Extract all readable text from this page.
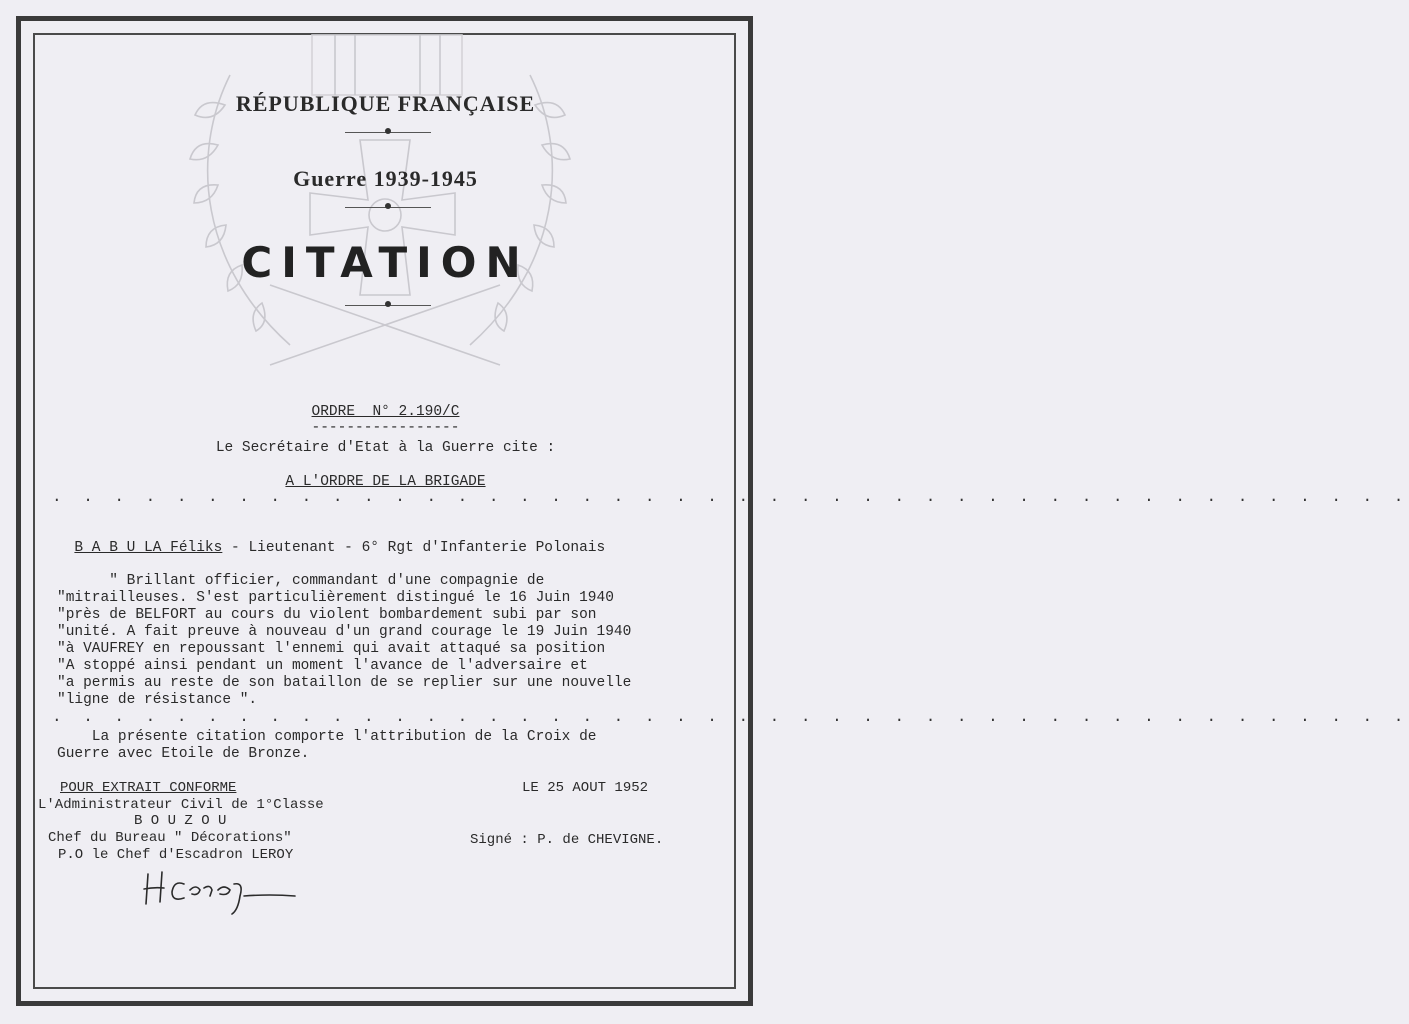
RÉPUBLIQUE FRANÇAISE
Guerre 1939-1945
CITATION
ORDRE  N° 2.190/C
-----------------
Le Secrétaire d'Etat à la Guerre cite :
A L'ORDRE DE LA BRIGADE
. . . . . . . . . . . . . . . . . . . . . . . . . . . . . . . . . . . . . . . . . . . .

B A B U LA Féliks - Lieutenant - 6° Rgt d'Infanterie Polonais

" Brillant officier, commandant d'une compagnie de
"mitrailleuses. S'est particulièrement distingué le 16 Juin 1940
"près de BELFORT au cours du violent bombardement subi par son
"unité. A fait preuve à nouveau d'un grand courage le 19 Juin 1940
"à VAUFREY en repoussant l'ennemi qui avait attaqué sa position
"A stoppé ainsi pendant un moment l'avance de l'adversaire et
"a permis au reste de son bataillon de se replier sur une nouvelle
"ligne de résistance ".
. . . . . . . . . . . . . . . . . . . . . . . . . . . . . . . . . . . . . . . . . . . .
La présente citation comporte l'attribution de la Croix de
Guerre avec Etoile de Bronze.
POUR EXTRAIT CONFORME
L'Administrateur Civil de 1°Classe
B O U Z O U
Chef du Bureau " Décorations"
P.O le Chef d'Escadron LEROY
LE 25 AOUT 1952
Signé : P. de CHEVIGNE.
